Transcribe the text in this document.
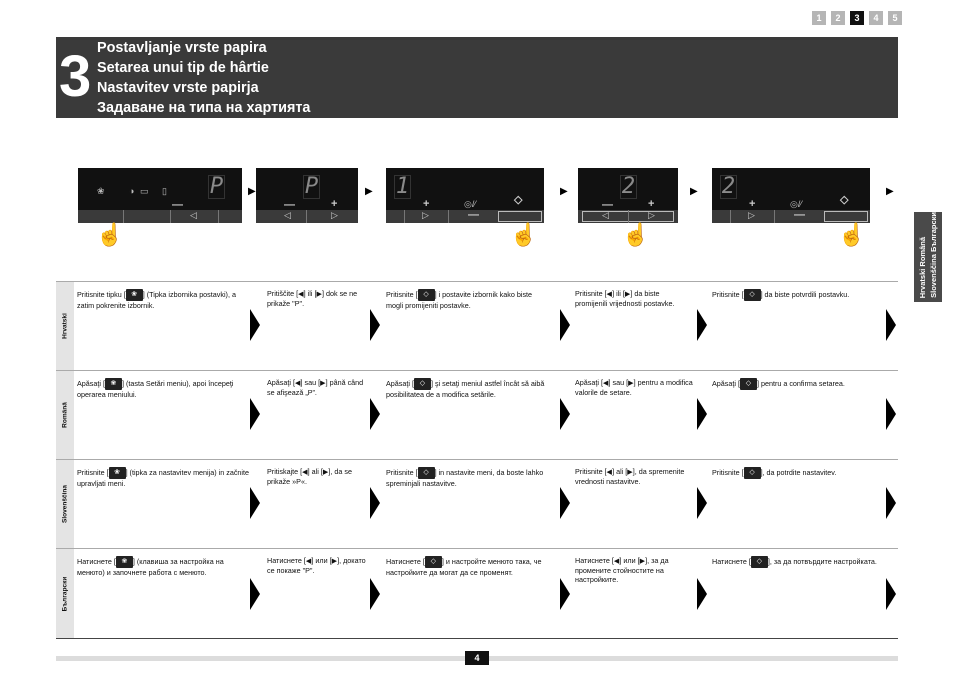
1	2	3	4	5
3 Postavljanje vrste papira
Setarea unui tip de hârtie
Nastavitev vrste papirja
Задаване на типа на хартията
Hrvatski Română Slovenščina Български
❀	◑ ▭ ▯ P
—
◁
☝
▶ P
—	+
◁	▷
▶ 1
+	◎/⁄	◇
▷	—
☝
▶ 2
—	+
◁	▷
☝
▶ 2
+	◎/⁄	◇
▷	—
☝
▶
Hrvatski
Pritisnite tipku [ ❀ ] (Tipka izbornika postavki), a zatim pokrenite izbornik.
Pritiščite [◀] ili [▶] dok se ne prikaže "P".
Pritisnite [ ◇ ] i postavite izbornik kako biste mogli promijeniti postavke.
Pritisnite [◀] ili [▶] da biste promijenili vrijednosti postavke.
Pritisnite [ ◇ ] da biste potvrdili postavku.
Română
Apăsaţi [ ❀ ] (tasta Setări meniu), apoi începeţi operarea meniului.
Apăsaţi [◀] sau [▶] până când se afişează „P”.
Apăsaţi [ ◇ ] şi setaţi meniul astfel încât să aibă posibilitatea de a modifica setările.
Apăsaţi [◀] sau [▶] pentru a modifica valorile de setare.
Apăsaţi [ ◇ ] pentru a confirma setarea.
Slovenščina
Pritisnite [ ❀ ] (tipka za nastavitev menija) in začnite upravljati meni.
Pritiskajte [◀] ali [▶], da se prikaže »P«.
Pritisnite [ ◇ ] in nastavite meni, da boste lahko spreminjali nastavitve.
Pritisnite [◀] ali [▶], da spremenite vrednosti nastavitve.
Pritisnite [ ◇ ], da potrdite nastavitev.
Български
Натиснете [ ❀ ] (клавиша за настройка на менюто) и започнете работа с менюто.
Натиснете [◀] или [▶], докато се покаже "P".
Натиснете [ ◇ ] и настройте менюто така, че настройките да могат да се променят.
Натиснете [◀] или [▶], за да промените стойностите на настройките.
Натиснете [ ◇ ], за да потвърдите настройката.
4
